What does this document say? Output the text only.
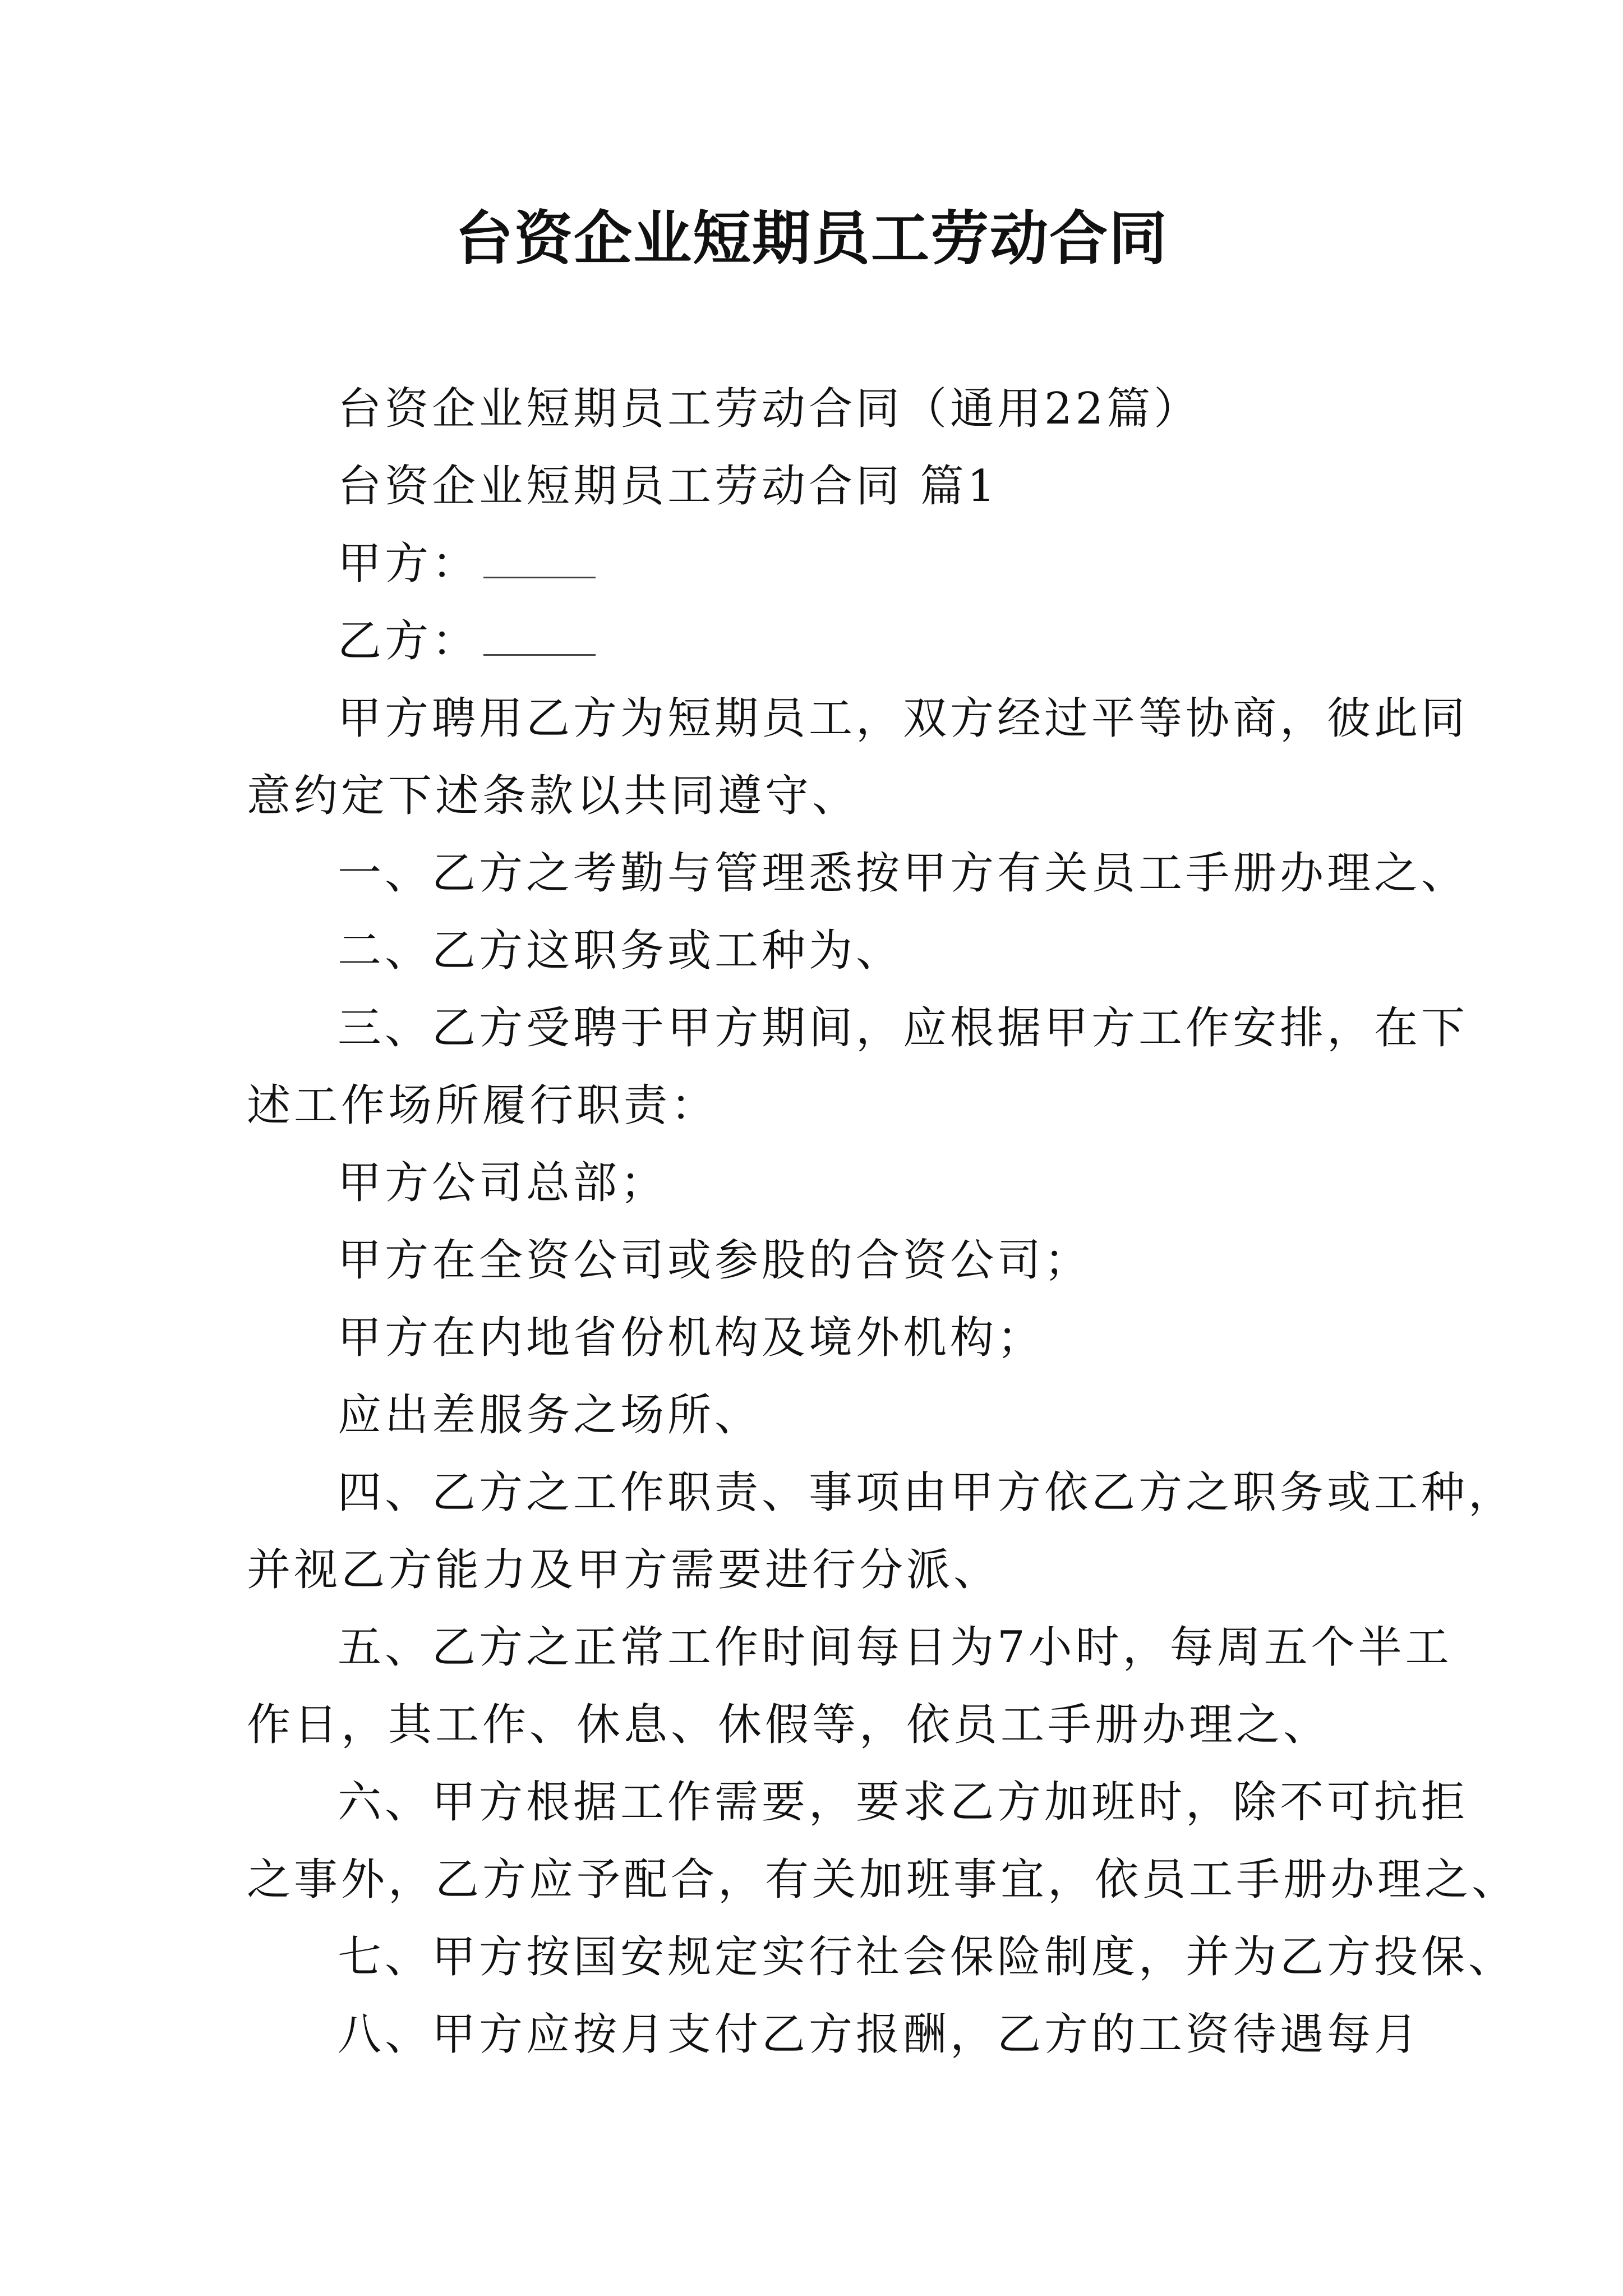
台资企业短期员工劳动合同
台资企业短期员工劳动合同（通用22篇）
台资企业短期员工劳动合同 篇1
甲方：
乙方：
甲方聘用乙方为短期员工，双方经过平等协商，彼此同
意约定下述条款以共同遵守、
一、乙方之考勤与管理悉按甲方有关员工手册办理之、
二、乙方这职务或工种为、
三、乙方受聘于甲方期间，应根据甲方工作安排，在下
述工作场所履行职责：
甲方公司总部；
甲方在全资公司或参股的合资公司；
甲方在内地省份机构及境外机构；
应出差服务之场所、
四、乙方之工作职责、事项由甲方依乙方之职务或工种，
并视乙方能力及甲方需要进行分派、
五、乙方之正常工作时间每日为7小时，每周五个半工
作日，其工作、休息、休假等，依员工手册办理之、
六、甲方根据工作需要，要求乙方加班时，除不可抗拒
之事外，乙方应予配合，有关加班事宜，依员工手册办理之、
七、甲方按国安规定实行社会保险制度，并为乙方投保、
八、甲方应按月支付乙方报酬，乙方的工资待遇每月
